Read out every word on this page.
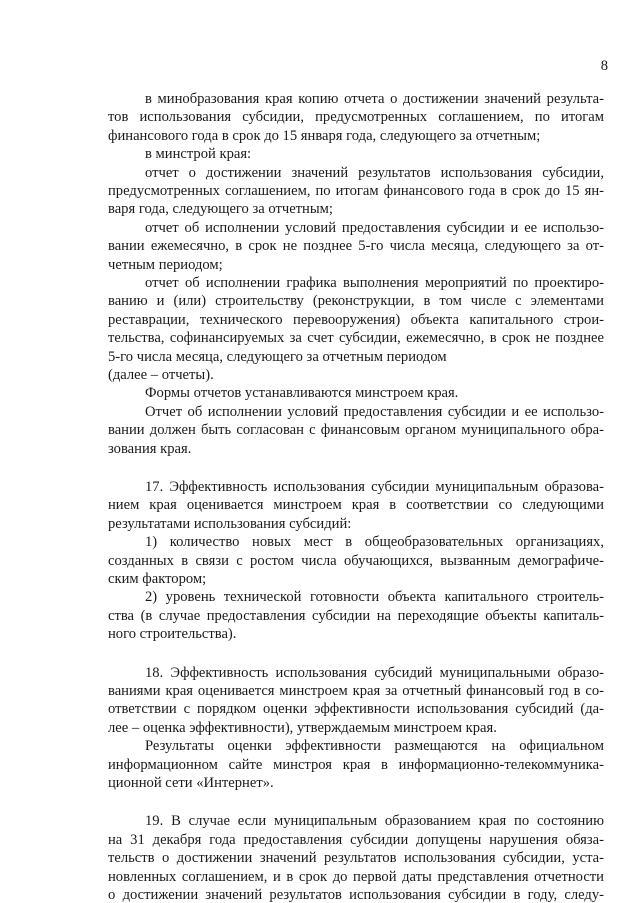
8
в минобразования края копию отчета о достижении значений результа-
тов использования субсидии, предусмотренных соглашением, по итогам
финансового года в срок до 15 января года, следующего за отчетным;
в минстрой края:
отчет о достижении значений результатов использования субсидии,
предусмотренных соглашением, по итогам финансового года в срок до 15 ян-
варя года, следующего за отчетным;
отчет об исполнении условий предоставления субсидии и ее использо-
вании ежемесячно, в срок не позднее 5-го числа месяца, следующего за от-
четным периодом;
отчет об исполнении графика выполнения мероприятий по проектиро-
ванию и (или) строительству (реконструкции, в том числе с элементами
реставрации, технического перевооружения) объекта капитального строи-
тельства, софинансируемых за счет субсидии, ежемесячно, в срок не позднее
5-го числа месяца, следующего за отчетным периодом
(далее – отчеты).
Формы отчетов устанавливаются минстроем края.
Отчет об исполнении условий предоставления субсидии и ее использо-
вании должен быть согласован с финансовым органом муниципального обра-
зования края.
17. Эффективность использования субсидии муниципальным образова-
нием края оценивается минстроем края в соответствии со следующими
результатами использования субсидий:
1) количество новых мест в общеобразовательных организациях,
созданных в связи с ростом числа обучающихся, вызванным демографиче-
ским фактором;
2) уровень технической готовности объекта капитального строитель-
ства (в случае предоставления субсидии на переходящие объекты капиталь-
ного строительства).
18. Эффективность использования субсидий муниципальными образо-
ваниями края оценивается минстроем края за отчетный финансовый год в со-
ответствии с порядком оценки эффективности использования субсидий (да-
лее – оценка эффективности), утверждаемым минстроем края.
Результаты оценки эффективности размещаются на официальном
информационном сайте минстроя края в информационно-телекоммуника-
ционной сети «Интернет».
19. В случае если муниципальным образованием края по состоянию
на 31 декабря года предоставления субсидии допущены нарушения обяза-
тельств о достижении значений результатов использования субсидии, уста-
новленных соглашением, и в срок до первой даты представления отчетности
о достижении значений результатов использования субсидии в году, следу-
